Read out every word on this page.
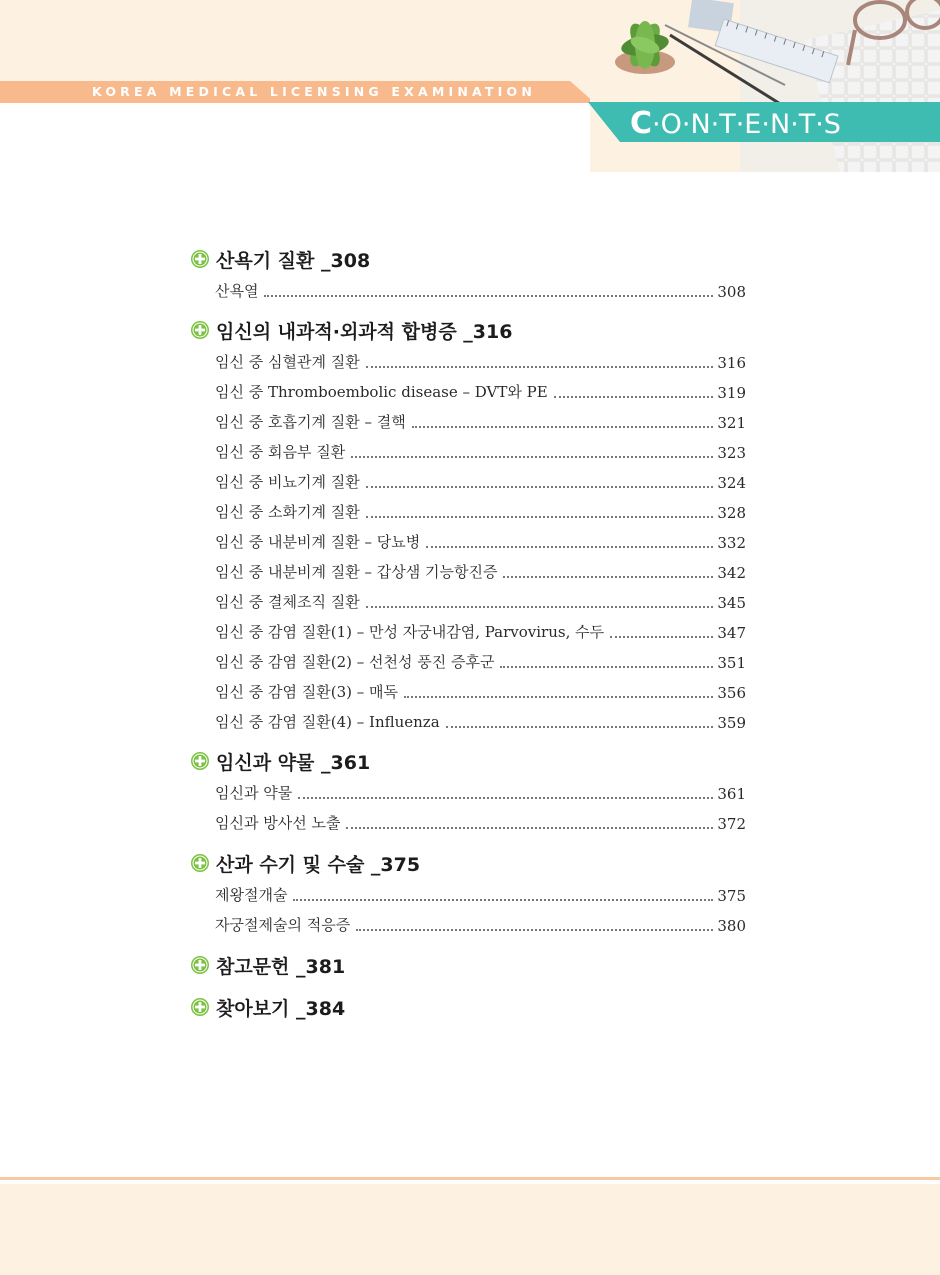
KOREA MEDICAL LICENSING EXAMINATION
C·O·N·T·E·N·T·S
산욕기 질환 _308
산욕열	308
임신의 내과적·외과적 합병증 _316
임신 중 심혈관계 질환	316
임신 중 Thromboembolic disease – DVT와 PE	319
임신 중 호흡기계 질환 – 결핵	321
임신 중 회음부 질환	323
임신 중 비뇨기계 질환	324
임신 중 소화기계 질환	328
임신 중 내분비계 질환 – 당뇨병	332
임신 중 내분비계 질환 – 갑상샘 기능항진증	342
임신 중 결체조직 질환	345
임신 중 감염 질환(1) – 만성 자궁내감염, Parvovirus, 수두	347
임신 중 감염 질환(2) – 선천성 풍진 증후군	351
임신 중 감염 질환(3) – 매독	356
임신 중 감염 질환(4) – Influenza	359
임신과 약물 _361
임신과 약물	361
임신과 방사선 노출	372
산과 수기 및 수술 _375
제왕절개술	375
자궁절제술의 적응증	380
참고문헌 _381
찾아보기 _384
